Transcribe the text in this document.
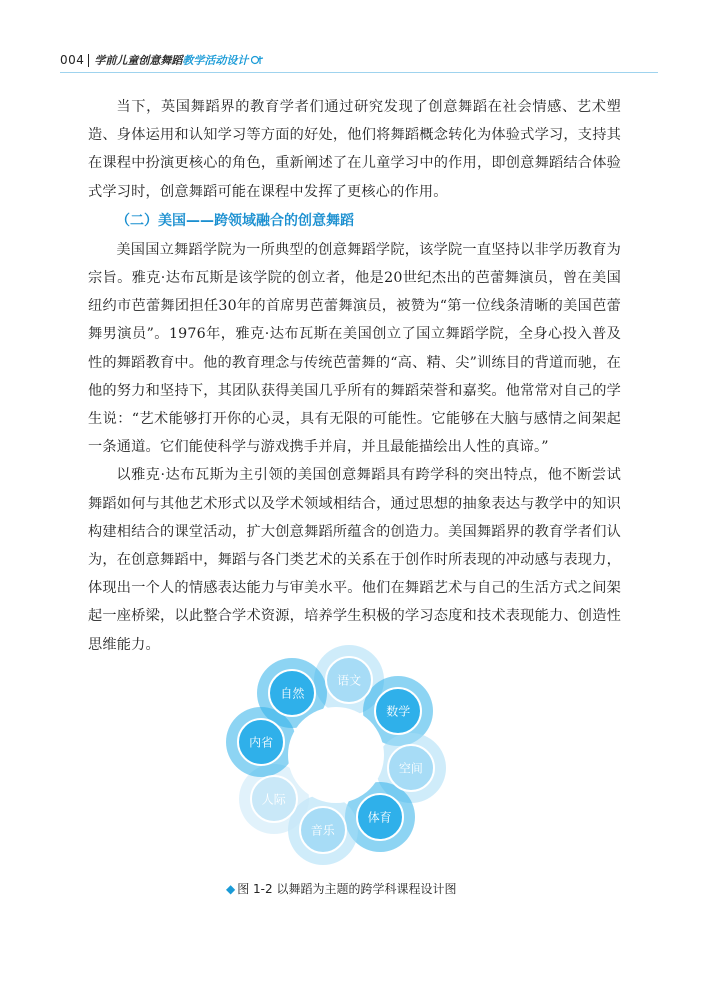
004 学前儿童创意舞蹈教学活动设计

当下，英国舞蹈界的教育学者们通过研究发现了创意舞蹈在社会情感、艺术塑造、身体运用和认知学习等方面的好处，他们将舞蹈概念转化为体验式学习，支持其在课程中扮演更核心的角色，重新阐述了在儿童学习中的作用，即创意舞蹈结合体验式学习时，创意舞蹈可能在课程中发挥了更核心的作用。

（二）美国——跨领域融合的创意舞蹈

美国国立舞蹈学院为一所典型的创意舞蹈学院，该学院一直坚持以非学历教育为宗旨。雅克·达布瓦斯是该学院的创立者，他是20世纪杰出的芭蕾舞演员，曾在美国纽约市芭蕾舞团担任30年的首席男芭蕾舞演员，被赞为“第一位线条清晰的美国芭蕾舞男演员”。1976年，雅克·达布瓦斯在美国创立了国立舞蹈学院，全身心投入普及性的舞蹈教育中。他的教育理念与传统芭蕾舞的“高、精、尖”训练目的背道而驰，在他的努力和坚持下，其团队获得美国几乎所有的舞蹈荣誉和嘉奖。他常常对自己的学生说：“艺术能够打开你的心灵，具有无限的可能性。它能够在大脑与感情之间架起一条通道。它们能使科学与游戏携手并肩，并且最能描绘出人性的真谛。”

以雅克·达布瓦斯为主引领的美国创意舞蹈具有跨学科的突出特点，他不断尝试舞蹈如何与其他艺术形式以及学术领域相结合，通过思想的抽象表达与教学中的知识构建相结合的课堂活动，扩大创意舞蹈所蕴含的创造力。美国舞蹈界的教育学者们认为，在创意舞蹈中，舞蹈与各门类艺术的关系在于创作时所表现的冲动感与表现力，体现出一个人的情感表达能力与审美水平。他们在舞蹈艺术与自己的生活方式之间架起一座桥梁，以此整合学术资源，培养学生积极的学习态度和技术表现能力、创造性思维能力。

语文
数学
空间
体育
音乐
人际
内省
自然
◆ 图 1-2 以舞蹈为主题的跨学科课程设计图
